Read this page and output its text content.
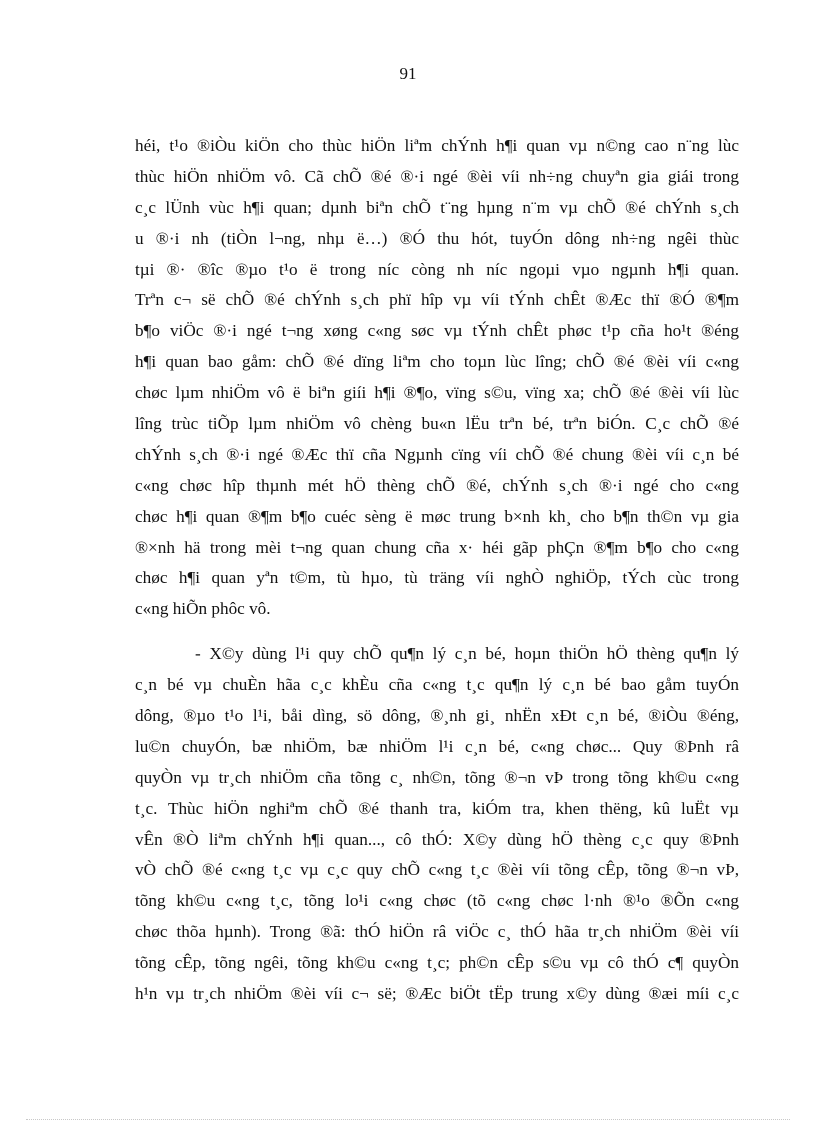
91
héi, t¹o ®iÒu kiÖn cho thùc hiÖn liªm chÝnh h¶i quan vµ n©ng cao n¨ng lùc
thùc hiÖn nhiÖm vô. Cã chÕ ®é ®·i ngé ®èi víi nh÷ng chuyªn gia giái trong
c¸c lÜnh vùc h¶i quan; dµnh biªn chÕ t¨ng hµng n¨m vµ chÕ ®é chÝnh s¸ch
u ®·i nh (tiÒn l¬ng, nhµ ë…) ®Ó thu hót, tuyÓn dông nh÷ng ngêi thùc
tµi ®· ®îc ®µo t¹o ë trong níc còng nh níc ngoµi vµo ngµnh h¶i quan.
Trªn c¬ së chÕ ®é chÝnh s¸ch phï hîp vµ víi tÝnh chÊt ®Æc thï ®Ó ®¶m
b¶o viÖc ®·i ngé t¬ng xøng c«ng søc vµ tÝnh chÊt phøc t¹p cña ho¹t ®éng
h¶i quan bao gåm: chÕ ®é dïng liªm cho toµn lùc lîng; chÕ ®é ®èi víi c«ng
chøc lµm nhiÖm vô ë biªn giíi h¶i ®¶o, vïng s©u, vïng xa; chÕ ®é ®èi víi lùc
lîng trùc tiÕp lµm nhiÖm vô chèng bu«n lËu trªn bé, trªn biÓn. C¸c chÕ ®é
chÝnh s¸ch ®·i ngé ®Æc thï cña Ngµnh cïng víi chÕ ®é chung ®èi víi c¸n bé
c«ng chøc hîp thµnh mét hÖ thèng chÕ ®é, chÝnh s¸ch ®·i ngé cho c«ng
chøc h¶i quan ®¶m b¶o cuéc sèng ë møc trung b×nh kh¸ cho b¶n th©n vµ gia
®×nh hä trong mèi t¬ng quan chung cña x· héi gãp phÇn ®¶m b¶o cho c«ng
chøc h¶i quan yªn t©m, tù hµo, tù träng víi nghÒ nghiÖp, tÝch cùc trong
c«ng hiÕn phôc vô.
- X©y dùng l¹i quy chÕ qu¶n lý c¸n bé, hoµn thiÖn hÖ thèng qu¶n lý
c¸n bé vµ chuÈn hãa c¸c khÈu cña c«ng t¸c qu¶n lý c¸n bé bao gåm tuyÓn
dông, ®µo t¹o l¹i, båi dìng, sö dông, ®¸nh gi¸ nhËn xÐt c¸n bé, ®iÒu ®éng,
lu©n chuyÓn, bæ nhiÖm, bæ nhiÖm l¹i c¸n bé, c«ng chøc... Quy ®Þnh râ
quyÒn vµ tr¸ch nhiÖm cña tõng c¸ nh©n, tõng ®¬n vÞ trong tõng kh©u c«ng
t¸c. Thùc hiÖn nghiªm chÕ ®é thanh tra, kiÓm tra, khen thëng, kû luËt vµ
vÊn ®Ò liªm chÝnh h¶i quan..., cô thÓ: X©y dùng hÖ thèng c¸c quy ®Þnh
vÒ chÕ ®é c«ng t¸c vµ c¸c quy chÕ c«ng t¸c ®èi víi tõng cÊp, tõng ®¬n vÞ,
tõng kh©u c«ng t¸c, tõng lo¹i c«ng chøc (tõ c«ng chøc l·nh ®¹o ®Õn c«ng
chøc thõa hµnh). Trong ®ã: thÓ hiÖn râ viÖc c¸ thÓ hãa tr¸ch nhiÖm ®èi víi
tõng cÊp, tõng ngêi, tõng kh©u c«ng t¸c; ph©n cÊp s©u vµ cô thÓ c¶ quyÒn
h¹n vµ tr¸ch nhiÖm ®èi víi c¬ së; ®Æc biÖt tËp trung x©y dùng ®æi míi c¸c
